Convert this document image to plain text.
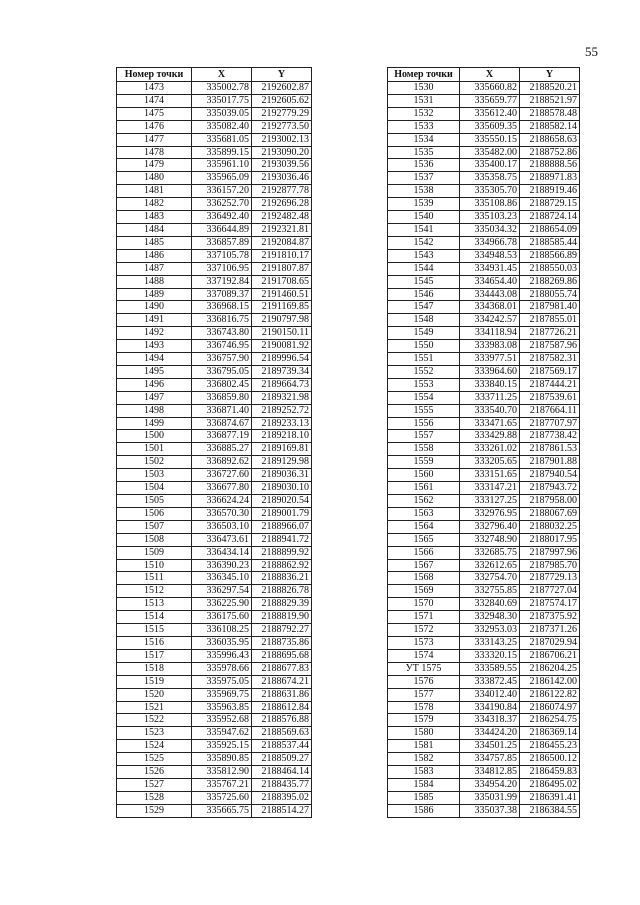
55
Номер точки	X	Y
1473	335002.78	2192602.87
1474	335017.75	2192605.62
1475	335039.05	2192779.29
1476	335082.40	2192773.50
1477	335681.05	2193002.13
1478	335899.15	2193090.20
1479	335961.10	2193039.56
1480	335965.09	2193036.46
1481	336157.20	2192877.78
1482	336252.70	2192696.28
1483	336492.40	2192482.48
1484	336644.89	2192321.81
1485	336857.89	2192084.87
1486	337105.78	2191810.17
1487	337106.95	2191807.87
1488	337192.84	2191708.65
1489	337089.37	2191460.51
1490	336968.15	2191169.85
1491	336816.75	2190797.98
1492	336743.80	2190150.11
1493	336746.95	2190081.92
1494	336757.90	2189996.54
1495	336795.05	2189739.34
1496	336802.45	2189664.73
1497	336859.80	2189321.98
1498	336871.40	2189252.72
1499	336874.67	2189233.13
1500	336877.19	2189218.10
1501	336885.27	2189169.81
1502	336892.62	2189129.98
1503	336727.60	2189036.31
1504	336677.80	2189030.10
1505	336624.24	2189020.54
1506	336570.30	2189001.79
1507	336503.10	2188966.07
1508	336473.61	2188941.72
1509	336434.14	2188899.92
1510	336390.23	2188862.92
1511	336345.10	2188836.21
1512	336297.54	2188826.78
1513	336225.90	2188829.39
1514	336175.60	2188819.90
1515	336108.25	2188792.27
1516	336035.95	2188735.86
1517	335996.43	2188695.68
1518	335978.66	2188677.83
1519	335975.05	2188674.21
1520	335969.75	2188631.86
1521	335963.85	2188612.84
1522	335952.68	2188576.88
1523	335947.62	2188569.63
1524	335925.15	2188537.44
1525	335890.85	2188509.27
1526	335812.90	2188464.14
1527	335767.21	2188435.77
1528	335725.60	2188395.02
1529	335665.75	2188514.27
Номер точки	X	Y
1530	335660.82	2188520.21
1531	335659.77	2188521.97
1532	335612.40	2188578.48
1533	335609.35	2188582.14
1534	335550.15	2188658.63
1535	335482.00	2188752.86
1536	335400.17	2188888.56
1537	335358.75	2188971.83
1538	335305.70	2188919.46
1539	335108.86	2188729.15
1540	335103.23	2188724.14
1541	335034.32	2188654.09
1542	334966.78	2188585.44
1543	334948.53	2188566.89
1544	334931.45	2188550.03
1545	334654.40	2188269.86
1546	334443.08	2188055.74
1547	334368.01	2187981.40
1548	334242.57	2187855.01
1549	334118.94	2187726.21
1550	333983.08	2187587.96
1551	333977.51	2187582.31
1552	333964.60	2187569.17
1553	333840.15	2187444.21
1554	333711.25	2187539.61
1555	333540.70	2187664.11
1556	333471.65	2187707.97
1557	333429.88	2187738.42
1558	333261.02	2187861.53
1559	333205.65	2187901.88
1560	333151.65	2187940.54
1561	333147.21	2187943.72
1562	333127.25	2187958.00
1563	332976.95	2188067.69
1564	332796.40	2188032.25
1565	332748.90	2188017.95
1566	332685.75	2187997.96
1567	332612.65	2187985.70
1568	332754.70	2187729.13
1569	332755.85	2187727.04
1570	332840.69	2187574.17
1571	332948.30	2187375.92
1572	332953.03	2187371.26
1573	333143.25	2187029.94
1574	333320.15	2186706.21
УТ 1575	333589.55	2186204.25
1576	333872.45	2186142.00
1577	334012.40	2186122.82
1578	334190.84	2186074.97
1579	334318.37	2186254.75
1580	334424.20	2186369.14
1581	334501.25	2186455.23
1582	334757.85	2186500.12
1583	334812.85	2186459.83
1584	334954.20	2186495.02
1585	335031.99	2186391.41
1586	335037.38	2186384.55
